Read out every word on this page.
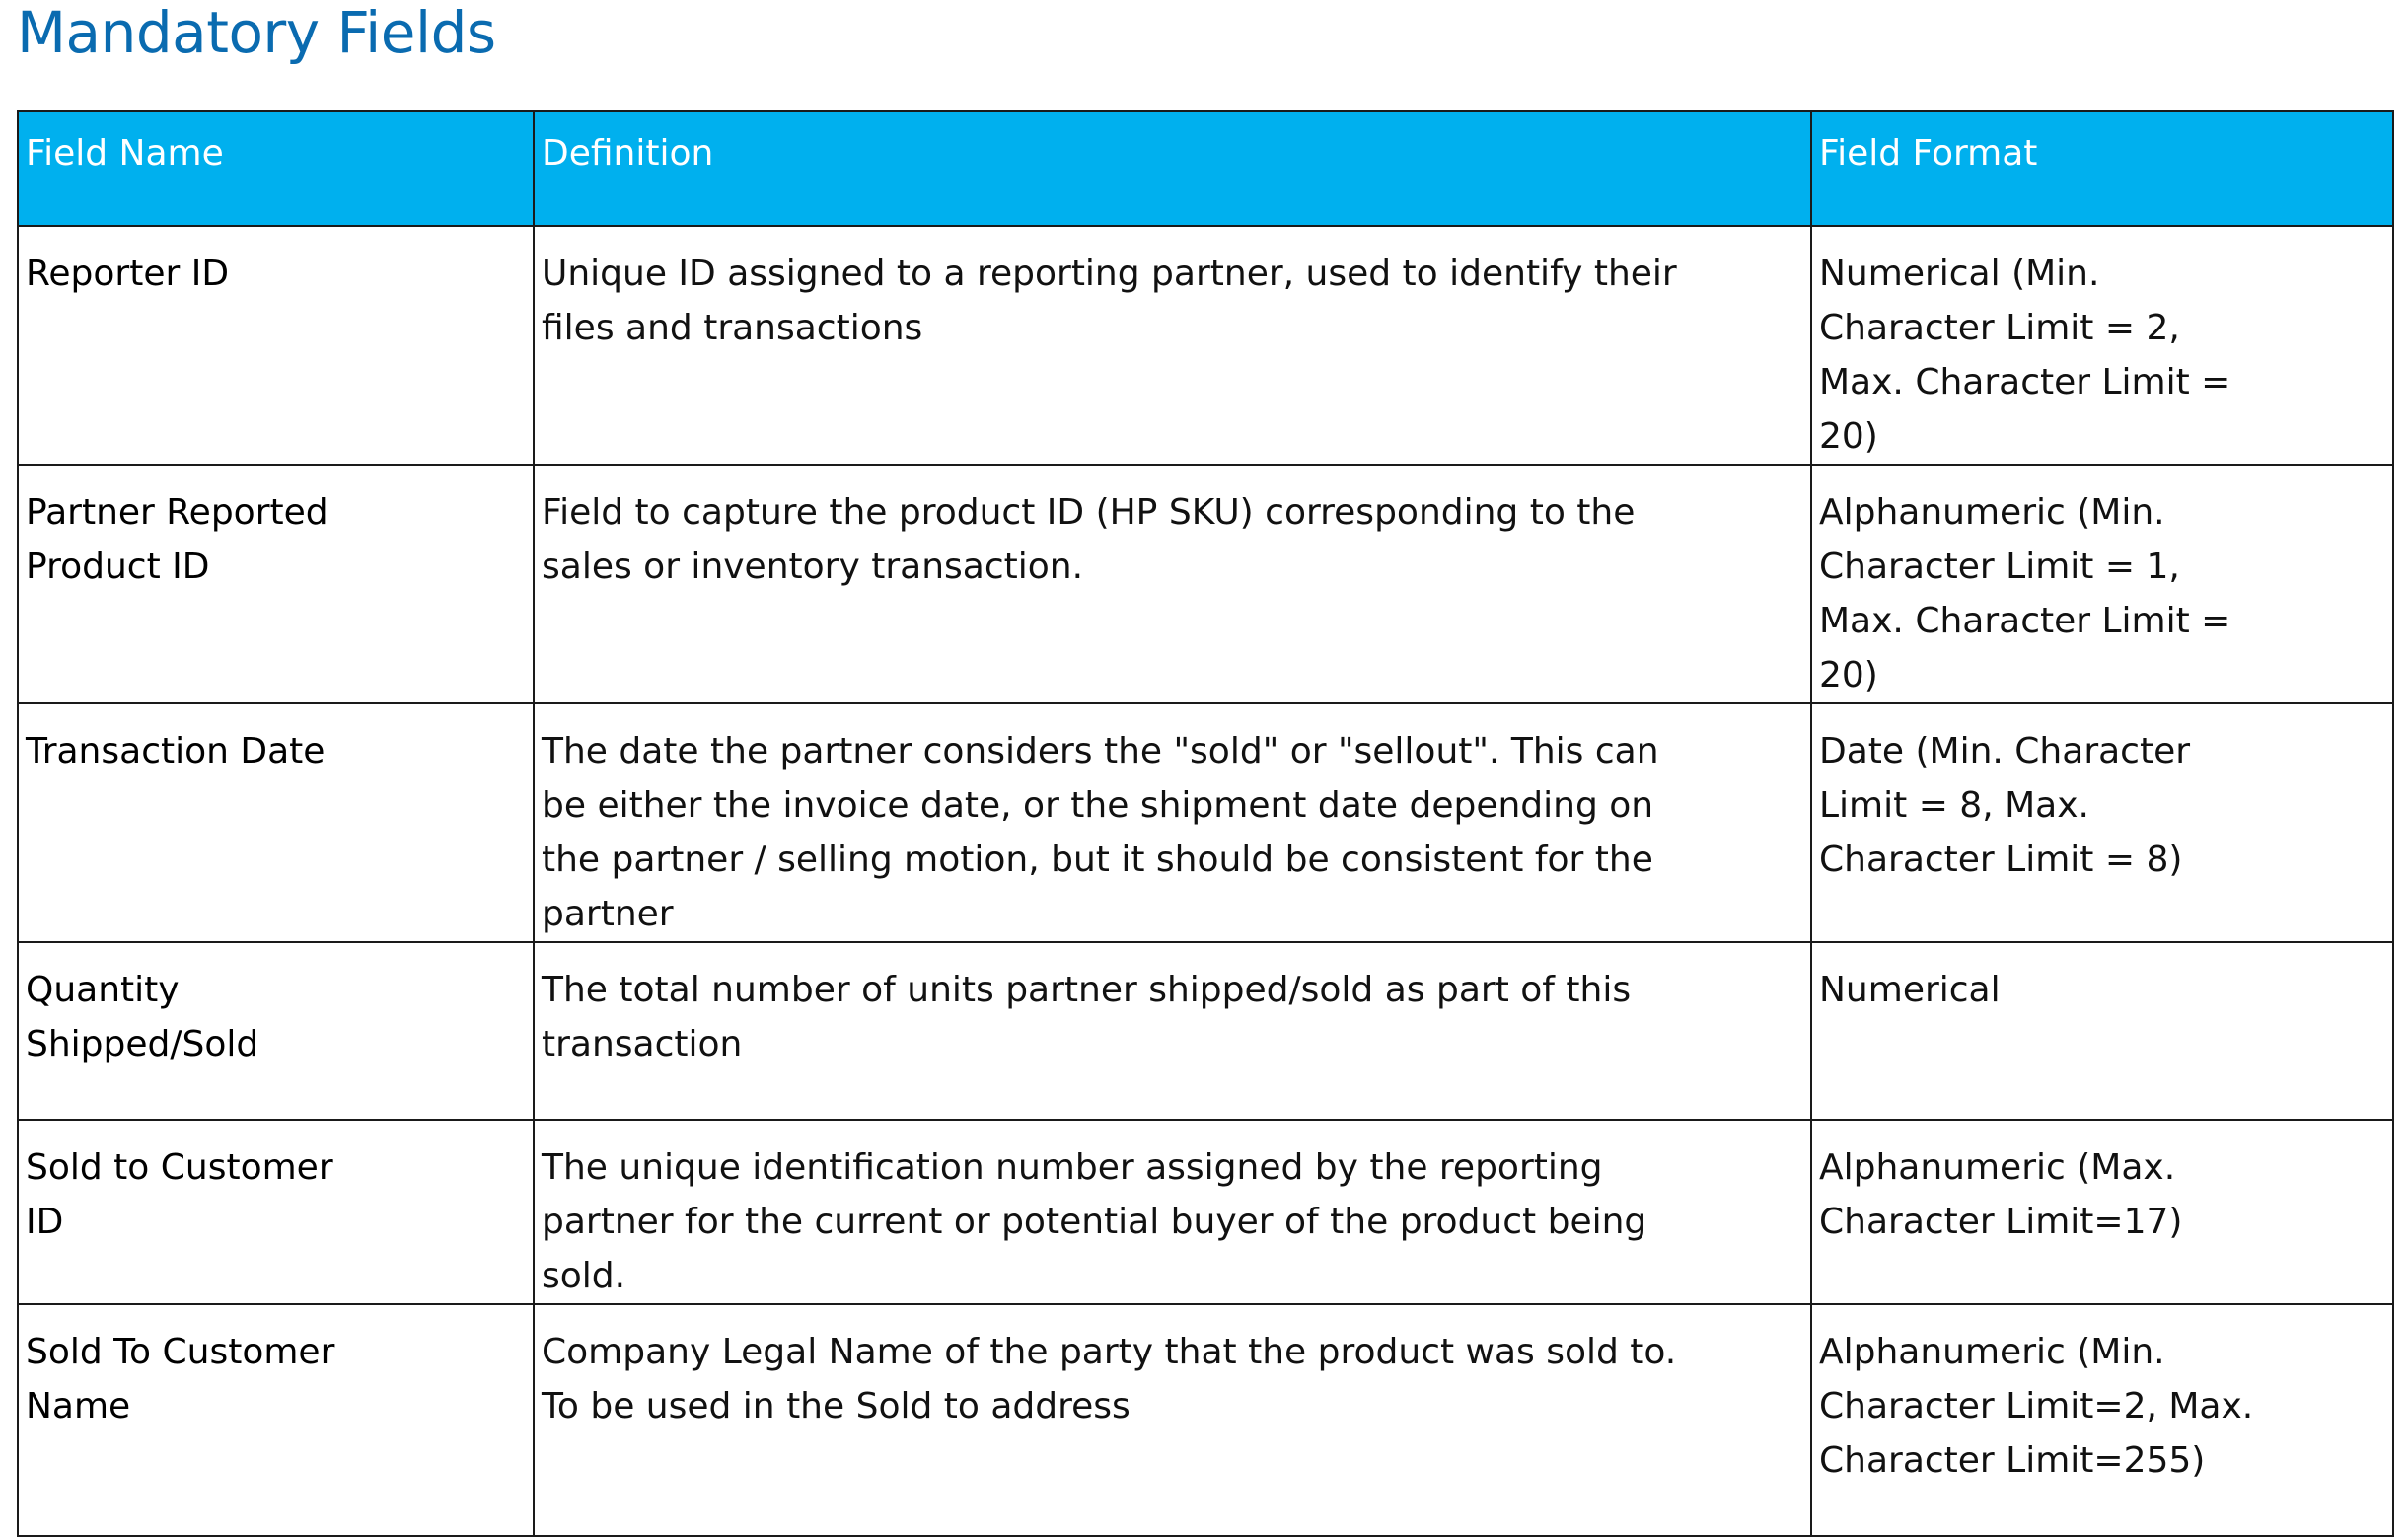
Mandatory Fields
Field Name	Definition	Field Format

Reporter ID	Unique ID assigned to a reporting partner, used to identify their files and transactions	Numerical (Min. Character Limit = 2, Max. Character Limit = 20)

Partner Reported Product ID	Field to capture the product ID (HP SKU) corresponding to the sales or inventory transaction.	Alphanumeric (Min. Character Limit = 1, Max. Character Limit = 20)

Transaction Date	The date the partner considers the "sold" or "sellout". This can be either the invoice date, or the shipment date depending on the partner / selling motion, but it should be consistent for the partner	Date (Min. Character Limit = 8, Max. Character Limit = 8)

Quantity Shipped/Sold	The total number of units partner shipped/sold as part of this transaction	Numerical

Sold to Customer ID	The unique identification number assigned by the reporting partner for the current or potential buyer of the product being sold.	Alphanumeric (Max. Character Limit=17)

Sold To Customer Name	Company Legal Name of the party that the product was sold to. To be used in the Sold to address	Alphanumeric (Min. Character Limit=2, Max. Character Limit=255)
